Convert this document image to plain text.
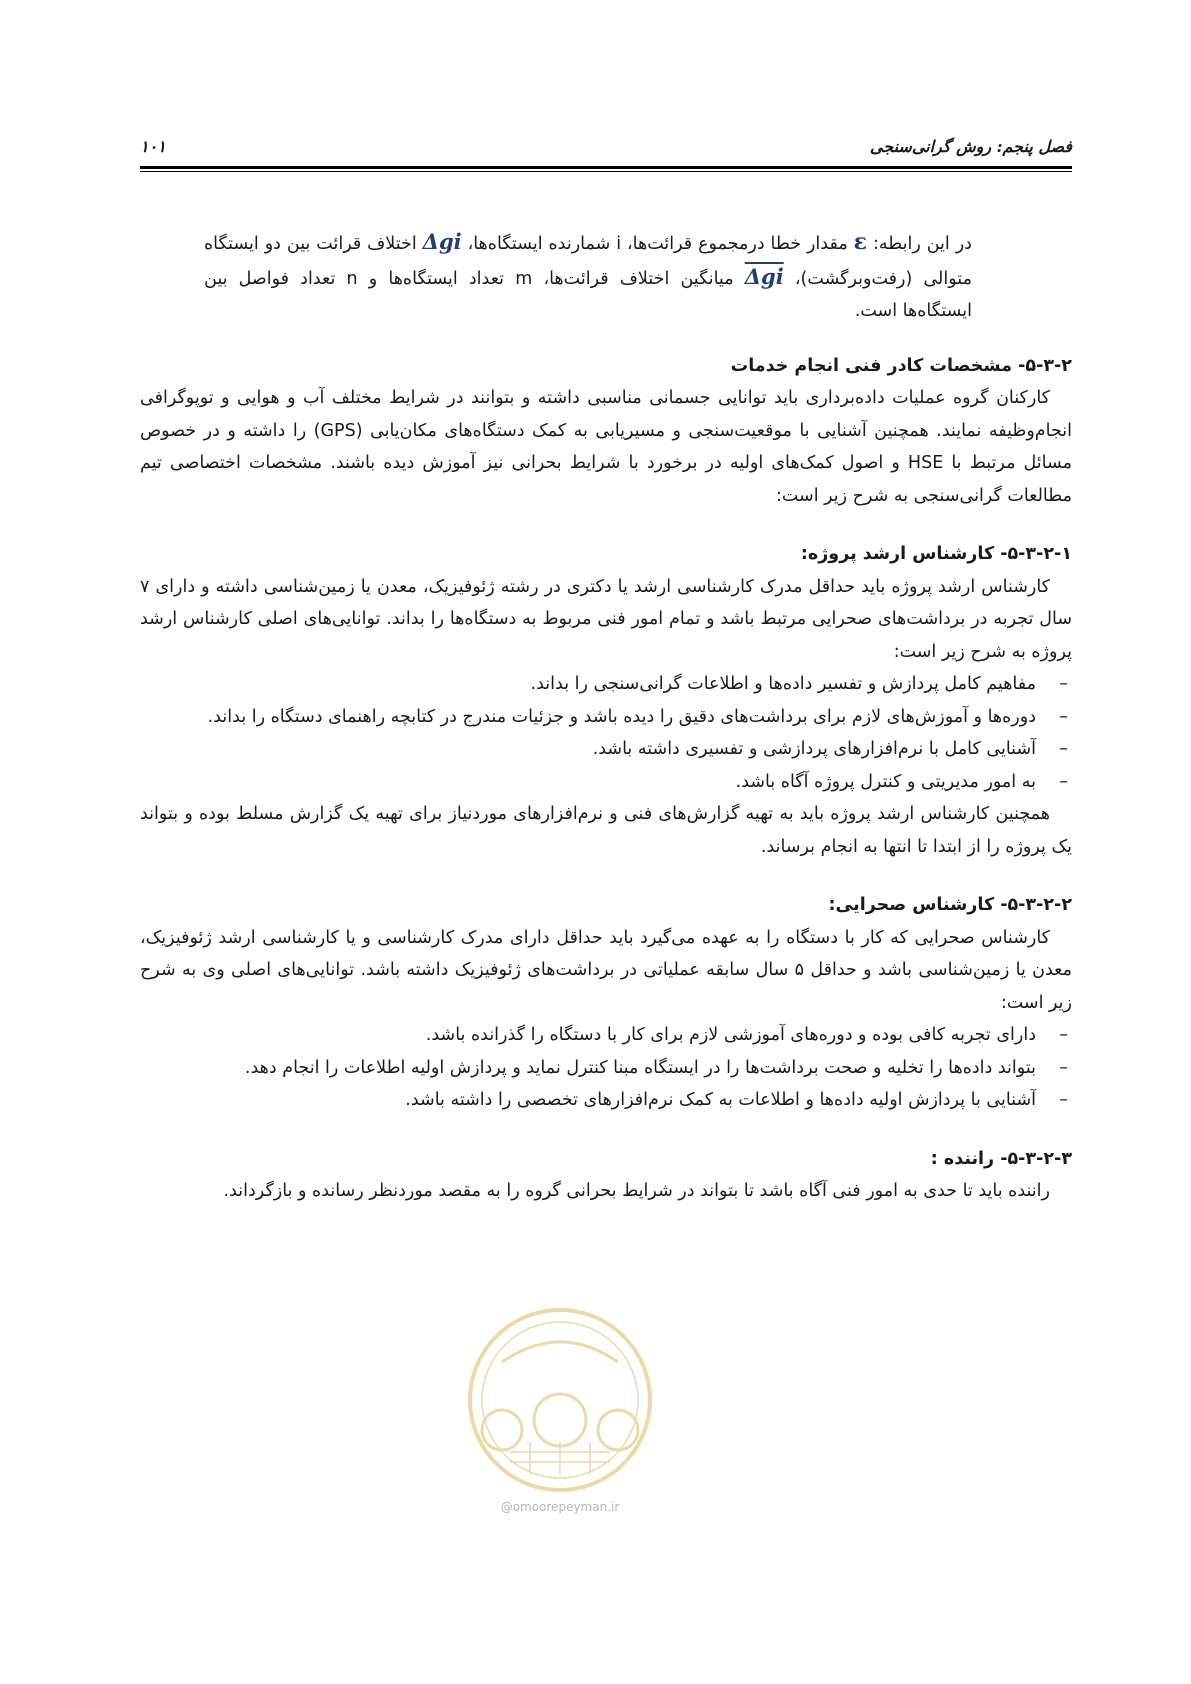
فصل پنجم: روش گرانی‌سنجی
۱۰۱

در این رابطه: ε مقدار خطا درمجموع قرائت‌ها، i شمارنده ایستگاه‌ها، Δgi اختلاف قرائت بین دو ایستگاه متوالی (رفت‌وبرگشت)، Δgi میانگین اختلاف قرائت‌ها، m تعداد ایستگاه‌ها و n تعداد فواصل بین ایستگاه‌ها است.

۵-۳-۲- مشخصات کادر فنی انجام خدمات

کارکنان گروه عملیات داده‌برداری باید توانایی جسمانی مناسبی داشته و بتوانند در شرایط مختلف آب و هوایی و توپوگرافی انجام‌وظیفه نمایند. همچنین آشنایی با موقعیت‌سنجی و مسیریابی به کمک دستگاه‌های مکان‌یابی (GPS) را داشته و در خصوص مسائل مرتبط با HSE و اصول کمک‌های اولیه در برخورد با شرایط بحرانی نیز آموزش دیده باشند. مشخصات اختصاصی تیم مطالعات گرانی‌سنجی به شرح زیر است:

۵-۳-۲-۱- کارشناس ارشد پروژه:

کارشناس ارشد پروژه باید حداقل مدرک کارشناسی ارشد یا دکتری در رشته ژئوفیزیک، معدن یا زمین‌شناسی داشته و دارای ۷ سال تجربه در برداشت‌های صحرایی مرتبط باشد و تمام امور فنی مربوط به دستگاه‌ها را بداند. توانایی‌های اصلی کارشناس ارشد پروژه به شرح زیر است:

– مفاهیم کامل پردازش و تفسیر داده‌ها و اطلاعات گرانی‌سنجی را بداند.
– دوره‌ها و آموزش‌های لازم برای برداشت‌های دقیق را دیده باشد و جزئیات مندرج در کتابچه راهنمای دستگاه را بداند.
– آشنایی کامل با نرم‌افزارهای پردازشی و تفسیری داشته باشد.
– به امور مدیریتی و کنترل پروژه آگاه باشد.

همچنین کارشناس ارشد پروژه باید به تهیه گزارش‌های فنی و نرم‌افزارهای موردنیاز برای تهیه یک گزارش مسلط بوده و بتواند یک پروژه را از ابتدا تا انتها به انجام برساند.

۵-۳-۲-۲- کارشناس صحرایی:

کارشناس صحرایی که کار با دستگاه را به عهده می‌گیرد باید حداقل دارای مدرک کارشناسی و یا کارشناسی ارشد ژئوفیزیک، معدن یا زمین‌شناسی باشد و حداقل ۵ سال سابقه عملیاتی در برداشت‌های ژئوفیزیک داشته باشد. توانایی‌های اصلی وی به شرح زیر است:

– دارای تجربه کافی بوده و دوره‌های آموزشی لازم برای کار با دستگاه را گذرانده باشد.
– بتواند داده‌ها را تخلیه و صحت برداشت‌ها را در ایستگاه مبنا کنترل نماید و پردازش اولیه اطلاعات را انجام دهد.
– آشنایی با پردازش اولیه داده‌ها و اطلاعات به کمک نرم‌افزارهای تخصصی را داشته باشد.
۵-۳-۲-۳- راننده :

راننده باید تا حدی به امور فنی آگاه باشد تا بتواند در شرایط بحرانی گروه را به مقصد موردنظر رسانده و بازگرداند.

@omoorepeyman.ir
